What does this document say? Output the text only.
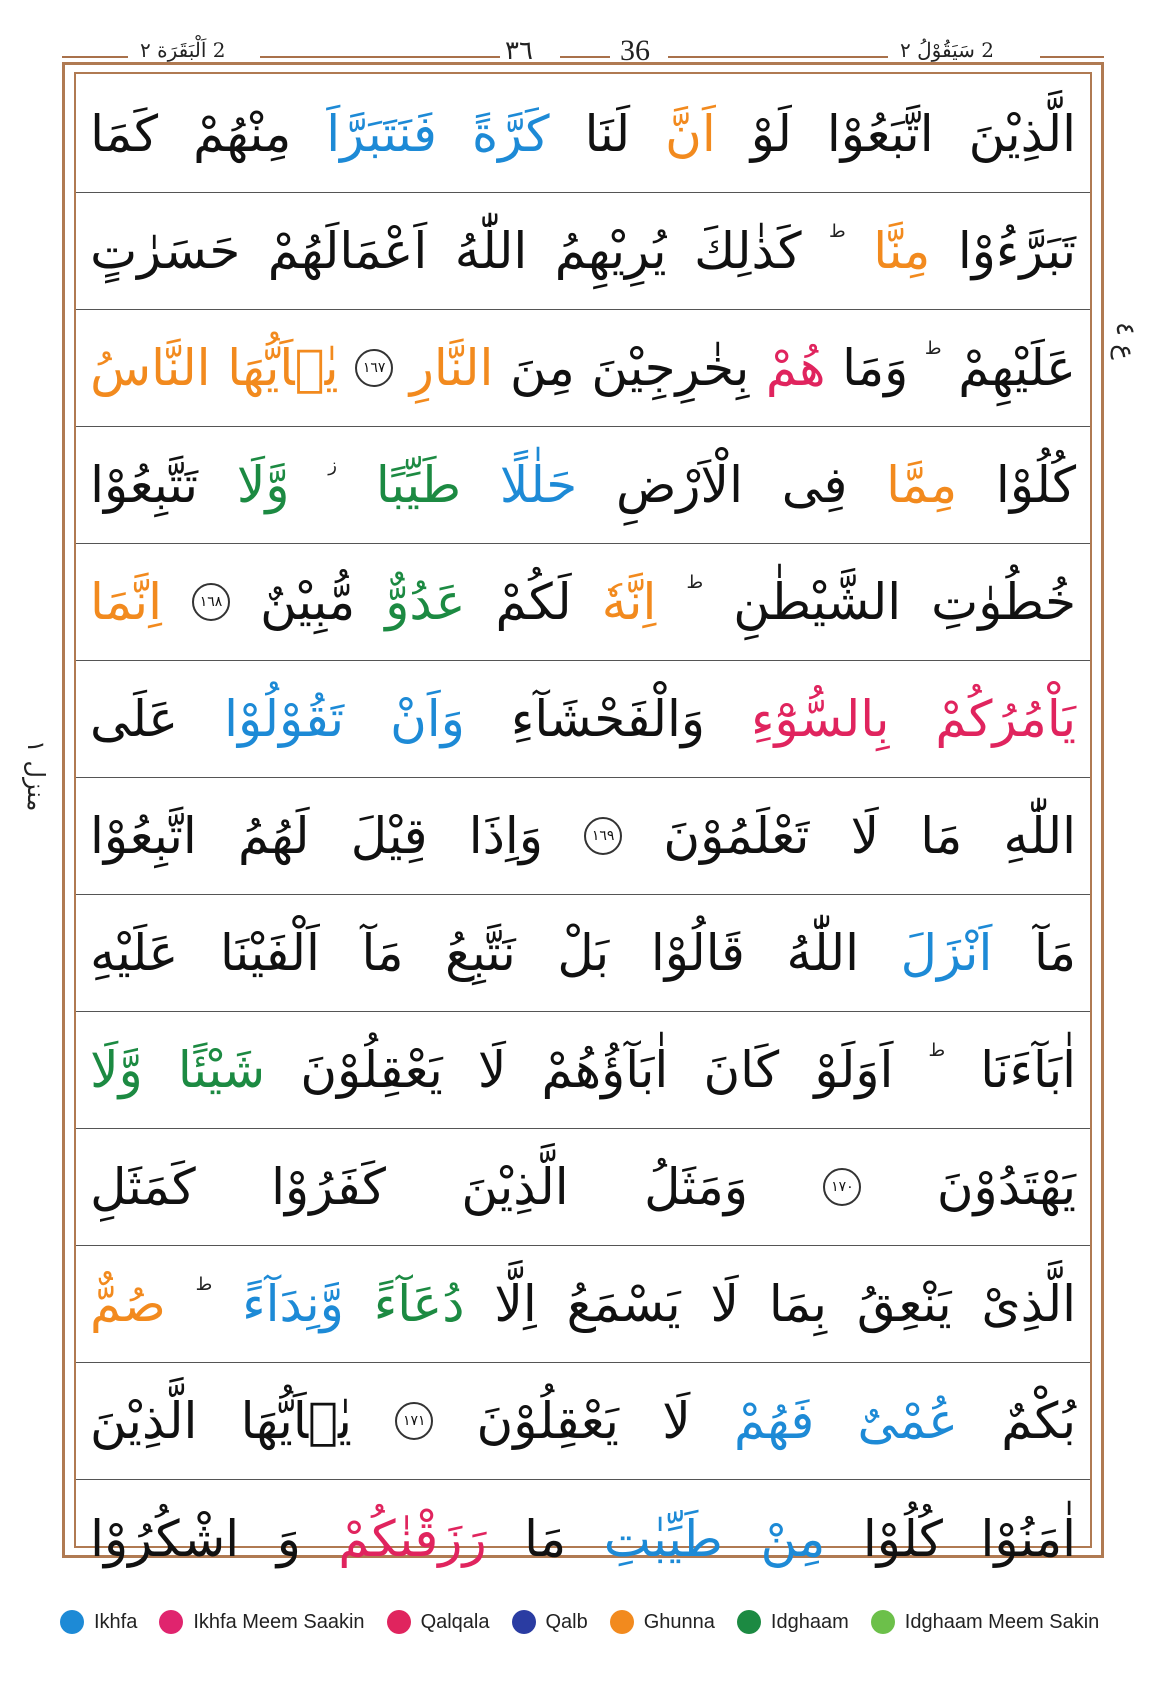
2 اَلْبَقَرَة ٢	٣٦	36	2 سَيَقُوْلُ ٢
ع ٤
منزل ١
الَّذِيْنَ
اتَّبَعُوْا
لَوْ
اَنَّ
لَنَا
كَرَّةً
فَنَتَبَرَّاَ
مِنْهُمْ
كَمَا
تَبَرَّءُوْا
مِنَّا
ط
كَذٰلِكَ
يُرِيْهِمُ
اللّٰهُ
اَعْمَالَهُمْ
حَسَرٰتٍ
عَلَيْهِمْ
ط
وَمَا
هُمْ
بِخٰرِجِيْنَ
مِنَ
النَّارِ
١٦٧
يٰۤاَيُّهَا
النَّاسُ
كُلُوْا
مِمَّا
فِى
الْاَرْضِ
حَلٰلًا
طَيِّبًا
ز
وَّلَا
تَتَّبِعُوْا
خُطُوٰتِ
الشَّيْطٰنِ
ط
اِنَّهٗ
لَكُمْ
عَدُوٌّ
مُّبِيْنٌ
١٦٨
اِنَّمَا
يَاْمُرُكُمْ
بِالسُّوْٓءِ
وَالْفَحْشَآءِ
وَاَنْ
تَقُوْلُوْا
عَلَى
اللّٰهِ
مَا
لَا
تَعْلَمُوْنَ
١٦٩
وَاِذَا
قِيْلَ
لَهُمُ
اتَّبِعُوْا
مَآ
اَنْزَلَ
اللّٰهُ
قَالُوْا
بَلْ
نَتَّبِعُ
مَآ
اَلْفَيْنَا
عَلَيْهِ
اٰبَآءَنَا
ط
اَوَلَوْ
كَانَ
اٰبَآؤُهُمْ
لَا
يَعْقِلُوْنَ
شَيْئًا
وَّلَا
يَهْتَدُوْنَ
١٧٠
وَمَثَلُ
الَّذِيْنَ
كَفَرُوْا
كَمَثَلِ
الَّذِىْ
يَنْعِقُ
بِمَا
لَا
يَسْمَعُ
اِلَّا
دُعَآءً
وَّنِدَآءً
ط
صُمٌّ
بُكْمٌ
عُمْىٌ
فَهُمْ
لَا
يَعْقِلُوْنَ
١٧١
يٰۤاَيُّهَا
الَّذِيْنَ
اٰمَنُوْا
كُلُوْا
مِنْ
طَيِّبٰتِ
مَا
رَزَقْنٰكُمْ
وَ
اشْكُرُوْا
Ikhfa	Ikhfa Meem Saakin	Qalqala	Qalb	Ghunna	Idghaam	Idghaam Meem Sakin
